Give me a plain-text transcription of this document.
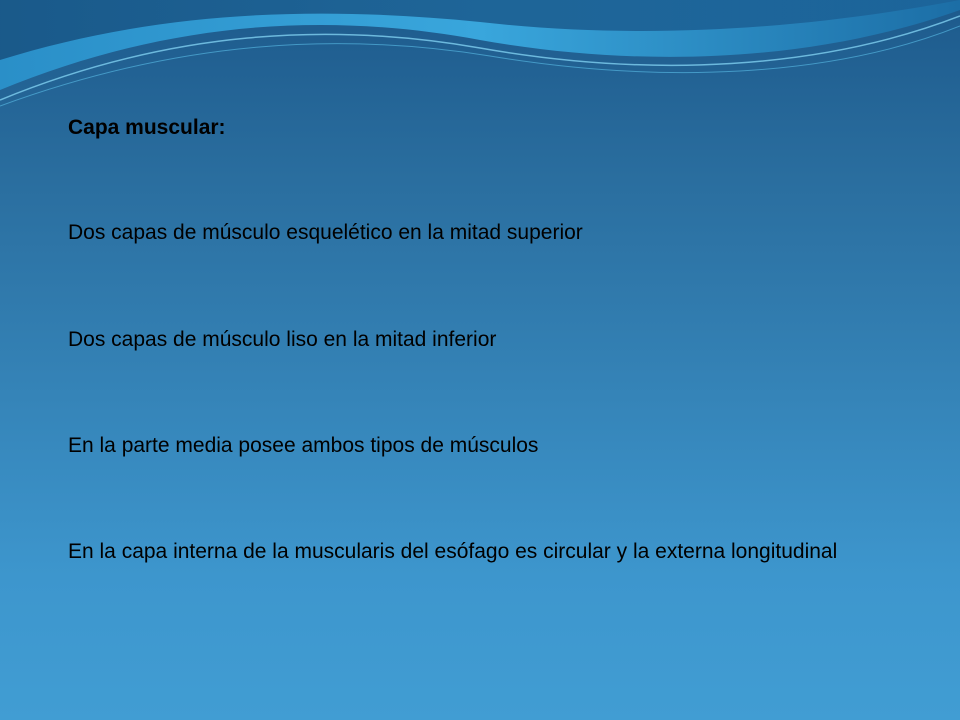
Capa muscular:

Dos capas de músculo esquelético en la mitad superior

Dos capas de músculo liso en la mitad inferior

En la parte media posee ambos tipos de músculos

En la capa interna de la muscularis del esófago es circular y la externa longitudinal
